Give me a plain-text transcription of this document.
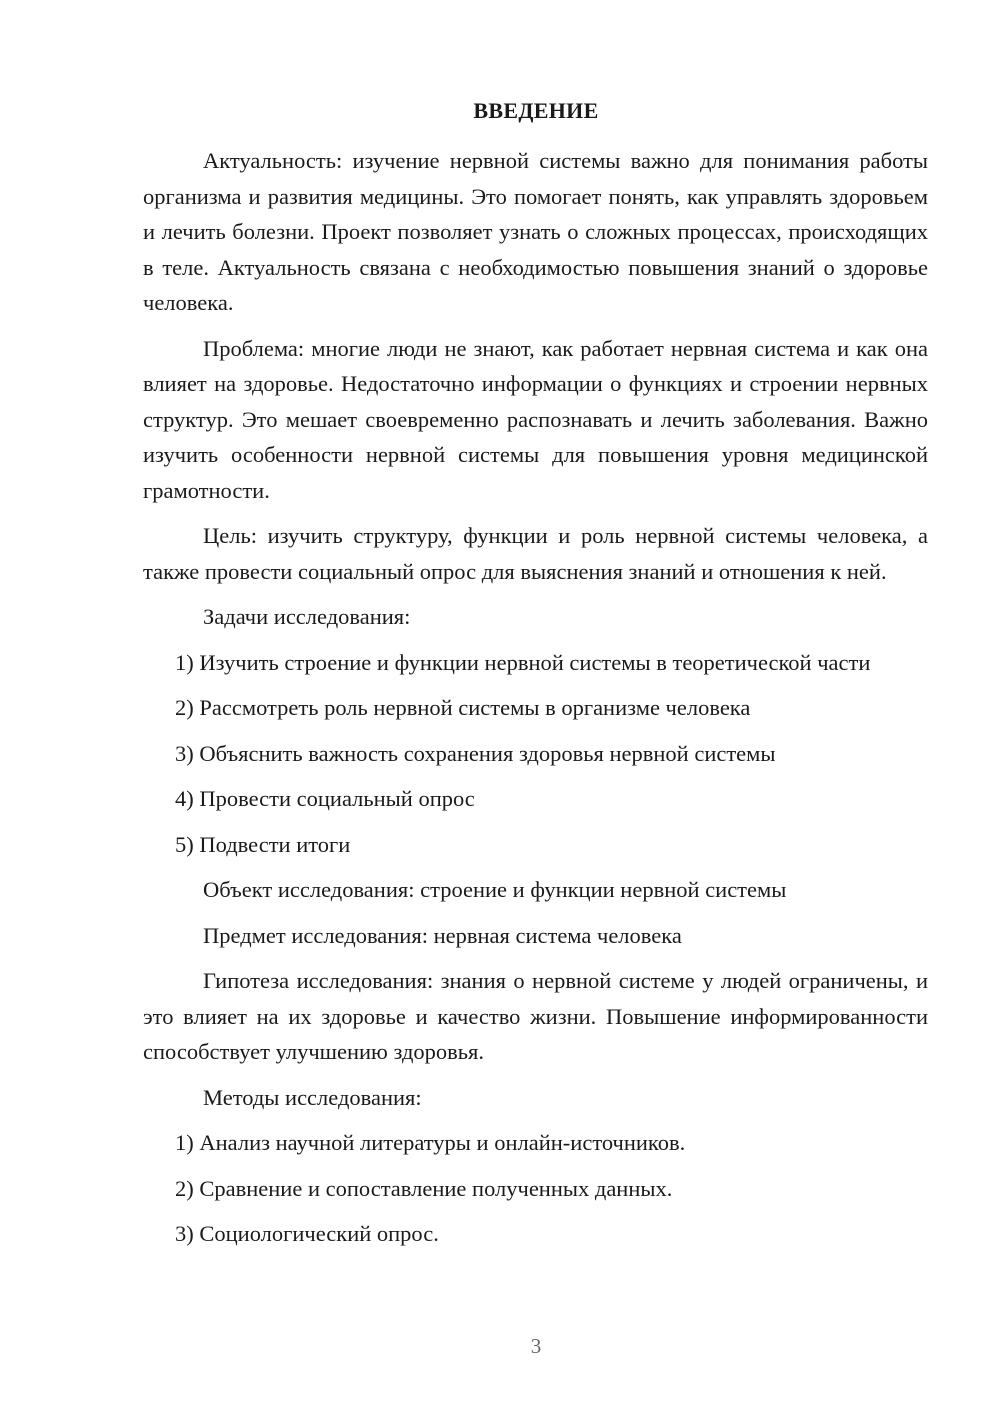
ВВЕДЕНИЕ

Актуальность: изучение нервной системы важно для понимания работы организма и развития медицины. Это помогает понять, как управлять здоровьем и лечить болезни. Проект позволяет узнать о сложных процессах, происходящих в теле. Актуальность связана с необходимостью повышения знаний о здоровье человека.

Проблема: многие люди не знают, как работает нервная система и как она влияет на здоровье. Недостаточно информации о функциях и строении нервных структур. Это мешает своевременно распознавать и лечить заболевания. Важно изучить особенности нервной системы для повышения уровня медицинской грамотности.

Цель: изучить структуру, функции и роль нервной системы человека, а также провести социальный опрос для выяснения знаний и отношения к ней.

Задачи исследования:

1) Изучить строение и функции нервной системы в теоретической части

2) Рассмотреть роль нервной системы в организме человека

3) Объяснить важность сохранения здоровья нервной системы

4) Провести социальный опрос

5) Подвести итоги

Объект исследования: строение и функции нервной системы

Предмет исследования: нервная система человека

Гипотеза исследования: знания о нервной системе у людей ограничены, и это влияет на их здоровье и качество жизни. Повышение информированности способствует улучшению здоровья.

Методы исследования:

1) Анализ научной литературы и онлайн-источников.

2) Сравнение и сопоставление полученных данных.

3) Социологический опрос.

3
